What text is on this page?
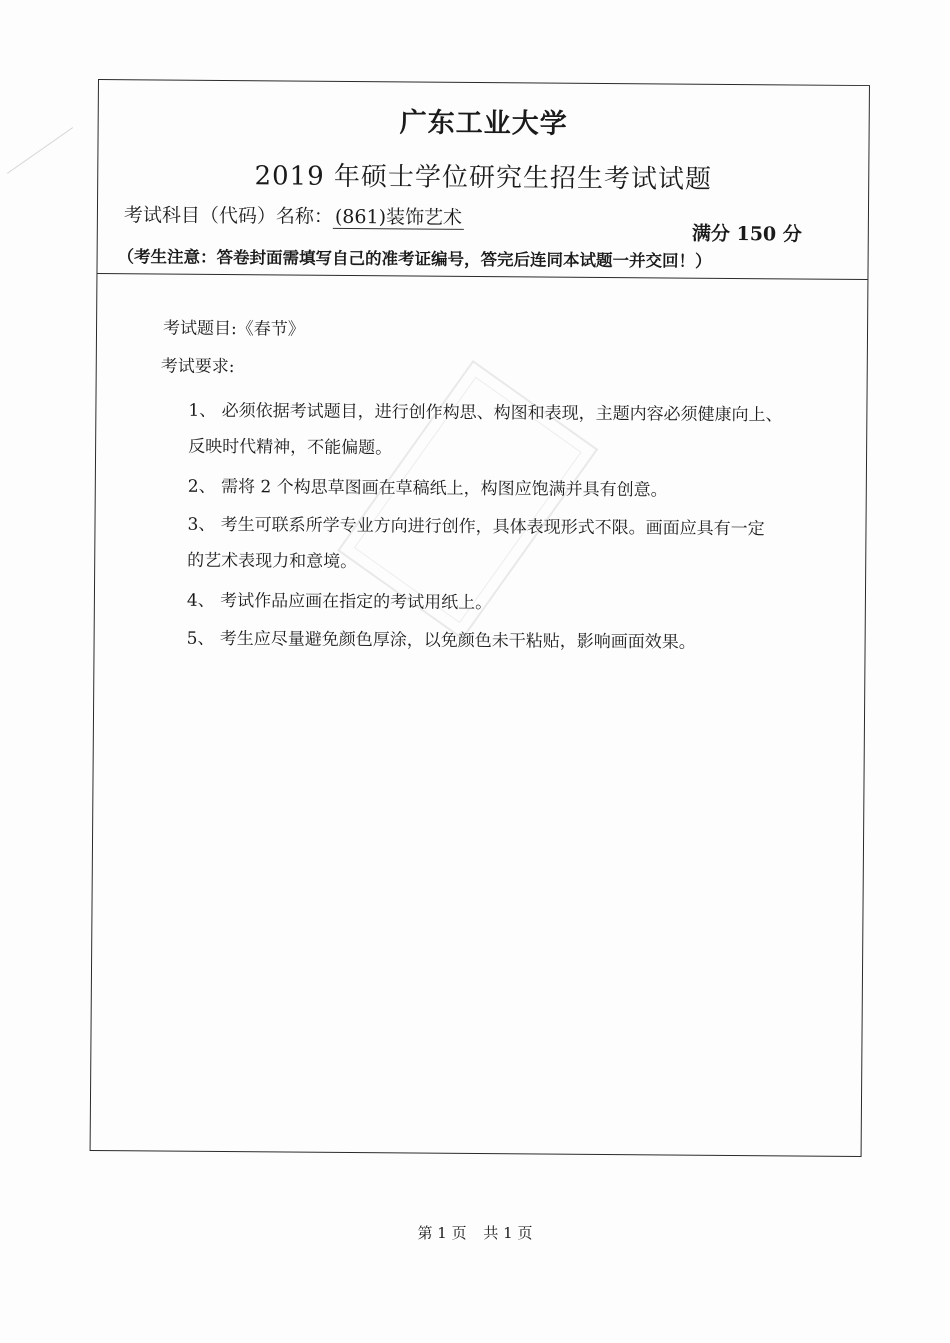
广东工业大学
2019 年硕士学位研究生招生考试试题
考试科目（代码）名称：(861)装饰艺术
满分 150 分
（考生注意：答卷封面需填写自己的准考证编号，答完后连同本试题一并交回！）
考试题目:《春节》
考试要求:
1、 必须依据考试题目，进行创作构思、构图和表现，主题内容必须健康向上、
反映时代精神，不能偏题。
2、 需将 2 个构思草图画在草稿纸上，构图应饱满并具有创意。
3、 考生可联系所学专业方向进行创作，具体表现形式不限。画面应具有一定
的艺术表现力和意境。
4、 考试作品应画在指定的考试用纸上。
5、 考生应尽量避免颜色厚涂，以免颜色未干粘贴，影响画面效果。
第 1 页 共 1 页
